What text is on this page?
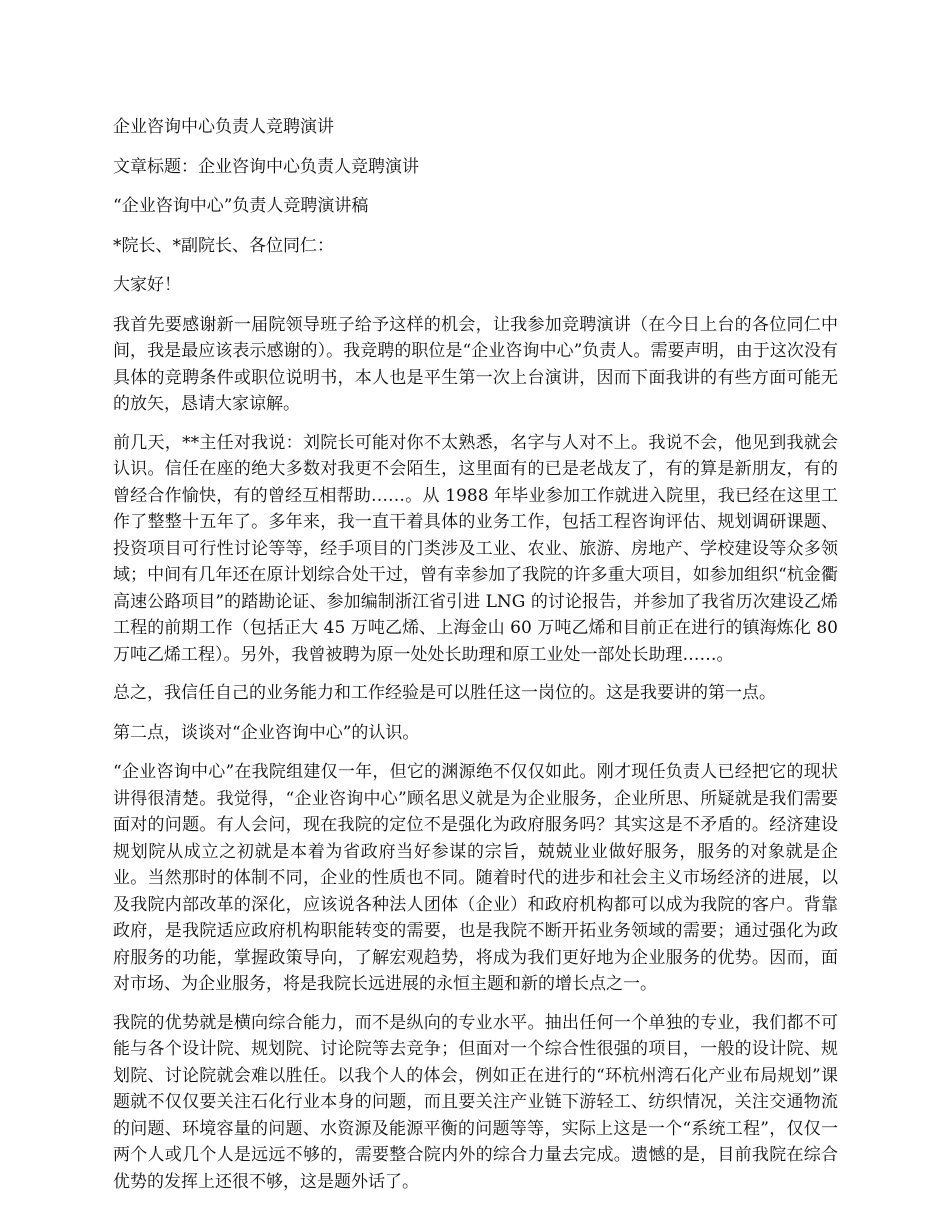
企业咨询中心负责人竞聘演讲

文章标题：企业咨询中心负责人竞聘演讲

“企业咨询中心”负责人竞聘演讲稿

*院长、*副院长、各位同仁：

大家好！

我首先要感谢新一届院领导班子给予这样的机会，让我参加竞聘演讲（在今日上台的各位同仁中间，我是最应该表示感谢的）。我竞聘的职位是“企业咨询中心”负责人。需要声明，由于这次没有具体的竞聘条件或职位说明书，本人也是平生第一次上台演讲，因而下面我讲的有些方面可能无的放矢，恳请大家谅解。

前几天，**主任对我说：刘院长可能对你不太熟悉，名字与人对不上。我说不会，他见到我就会认识。信任在座的绝大多数对我更不会陌生，这里面有的已是老战友了，有的算是新朋友，有的曾经合作愉快，有的曾经互相帮助……。从 1988 年毕业参加工作就进入院里，我已经在这里工作了整整十五年了。多年来，我一直干着具体的业务工作，包括工程咨询评估、规划调研课题、投资项目可行性讨论等等，经手项目的门类涉及工业、农业、旅游、房地产、学校建设等众多领域；中间有几年还在原计划综合处干过，曾有幸参加了我院的许多重大项目，如参加组织“杭金衢高速公路项目”的踏勘论证、参加编制浙江省引进 LNG 的讨论报告，并参加了我省历次建设乙烯工程的前期工作（包括正大 45 万吨乙烯、上海金山 60 万吨乙烯和目前正在进行的镇海炼化 80 万吨乙烯工程）。另外，我曾被聘为原一处处长助理和原工业处一部处长助理……。

总之，我信任自己的业务能力和工作经验是可以胜任这一岗位的。这是我要讲的第一点。

第二点，谈谈对“企业咨询中心”的认识。

“企业咨询中心”在我院组建仅一年，但它的渊源绝不仅仅如此。刚才现任负责人已经把它的现状讲得很清楚。我觉得，“企业咨询中心”顾名思义就是为企业服务，企业所思、所疑就是我们需要面对的问题。有人会问，现在我院的定位不是强化为政府服务吗？其实这是不矛盾的。经济建设规划院从成立之初就是本着为省政府当好参谋的宗旨，兢兢业业做好服务，服务的对象就是企业。当然那时的体制不同，企业的性质也不同。随着时代的进步和社会主义市场经济的进展，以及我院内部改革的深化，应该说各种法人团体（企业）和政府机构都可以成为我院的客户。背靠政府，是我院适应政府机构职能转变的需要，也是我院不断开拓业务领域的需要；通过强化为政府服务的功能，掌握政策导向，了解宏观趋势，将成为我们更好地为企业服务的优势。因而，面对市场、为企业服务，将是我院长远进展的永恒主题和新的增长点之一。

我院的优势就是横向综合能力，而不是纵向的专业水平。抽出任何一个单独的专业，我们都不可能与各个设计院、规划院、讨论院等去竞争；但面对一个综合性很强的项目，一般的设计院、规划院、讨论院就会难以胜任。以我个人的体会，例如正在进行的“环杭州湾石化产业布局规划”课题就不仅仅要关注石化行业本身的问题，而且要关注产业链下游轻工、纺织情况，关注交通物流的问题、环境容量的问题、水资源及能源平衡的问题等等，实际上这是一个“系统工程”，仅仅一两个人或几个人是远远不够的，需要整合院内外的综合力量去完成。遗憾的是，目前我院在综合优势的发挥上还很不够，这是题外话了。
